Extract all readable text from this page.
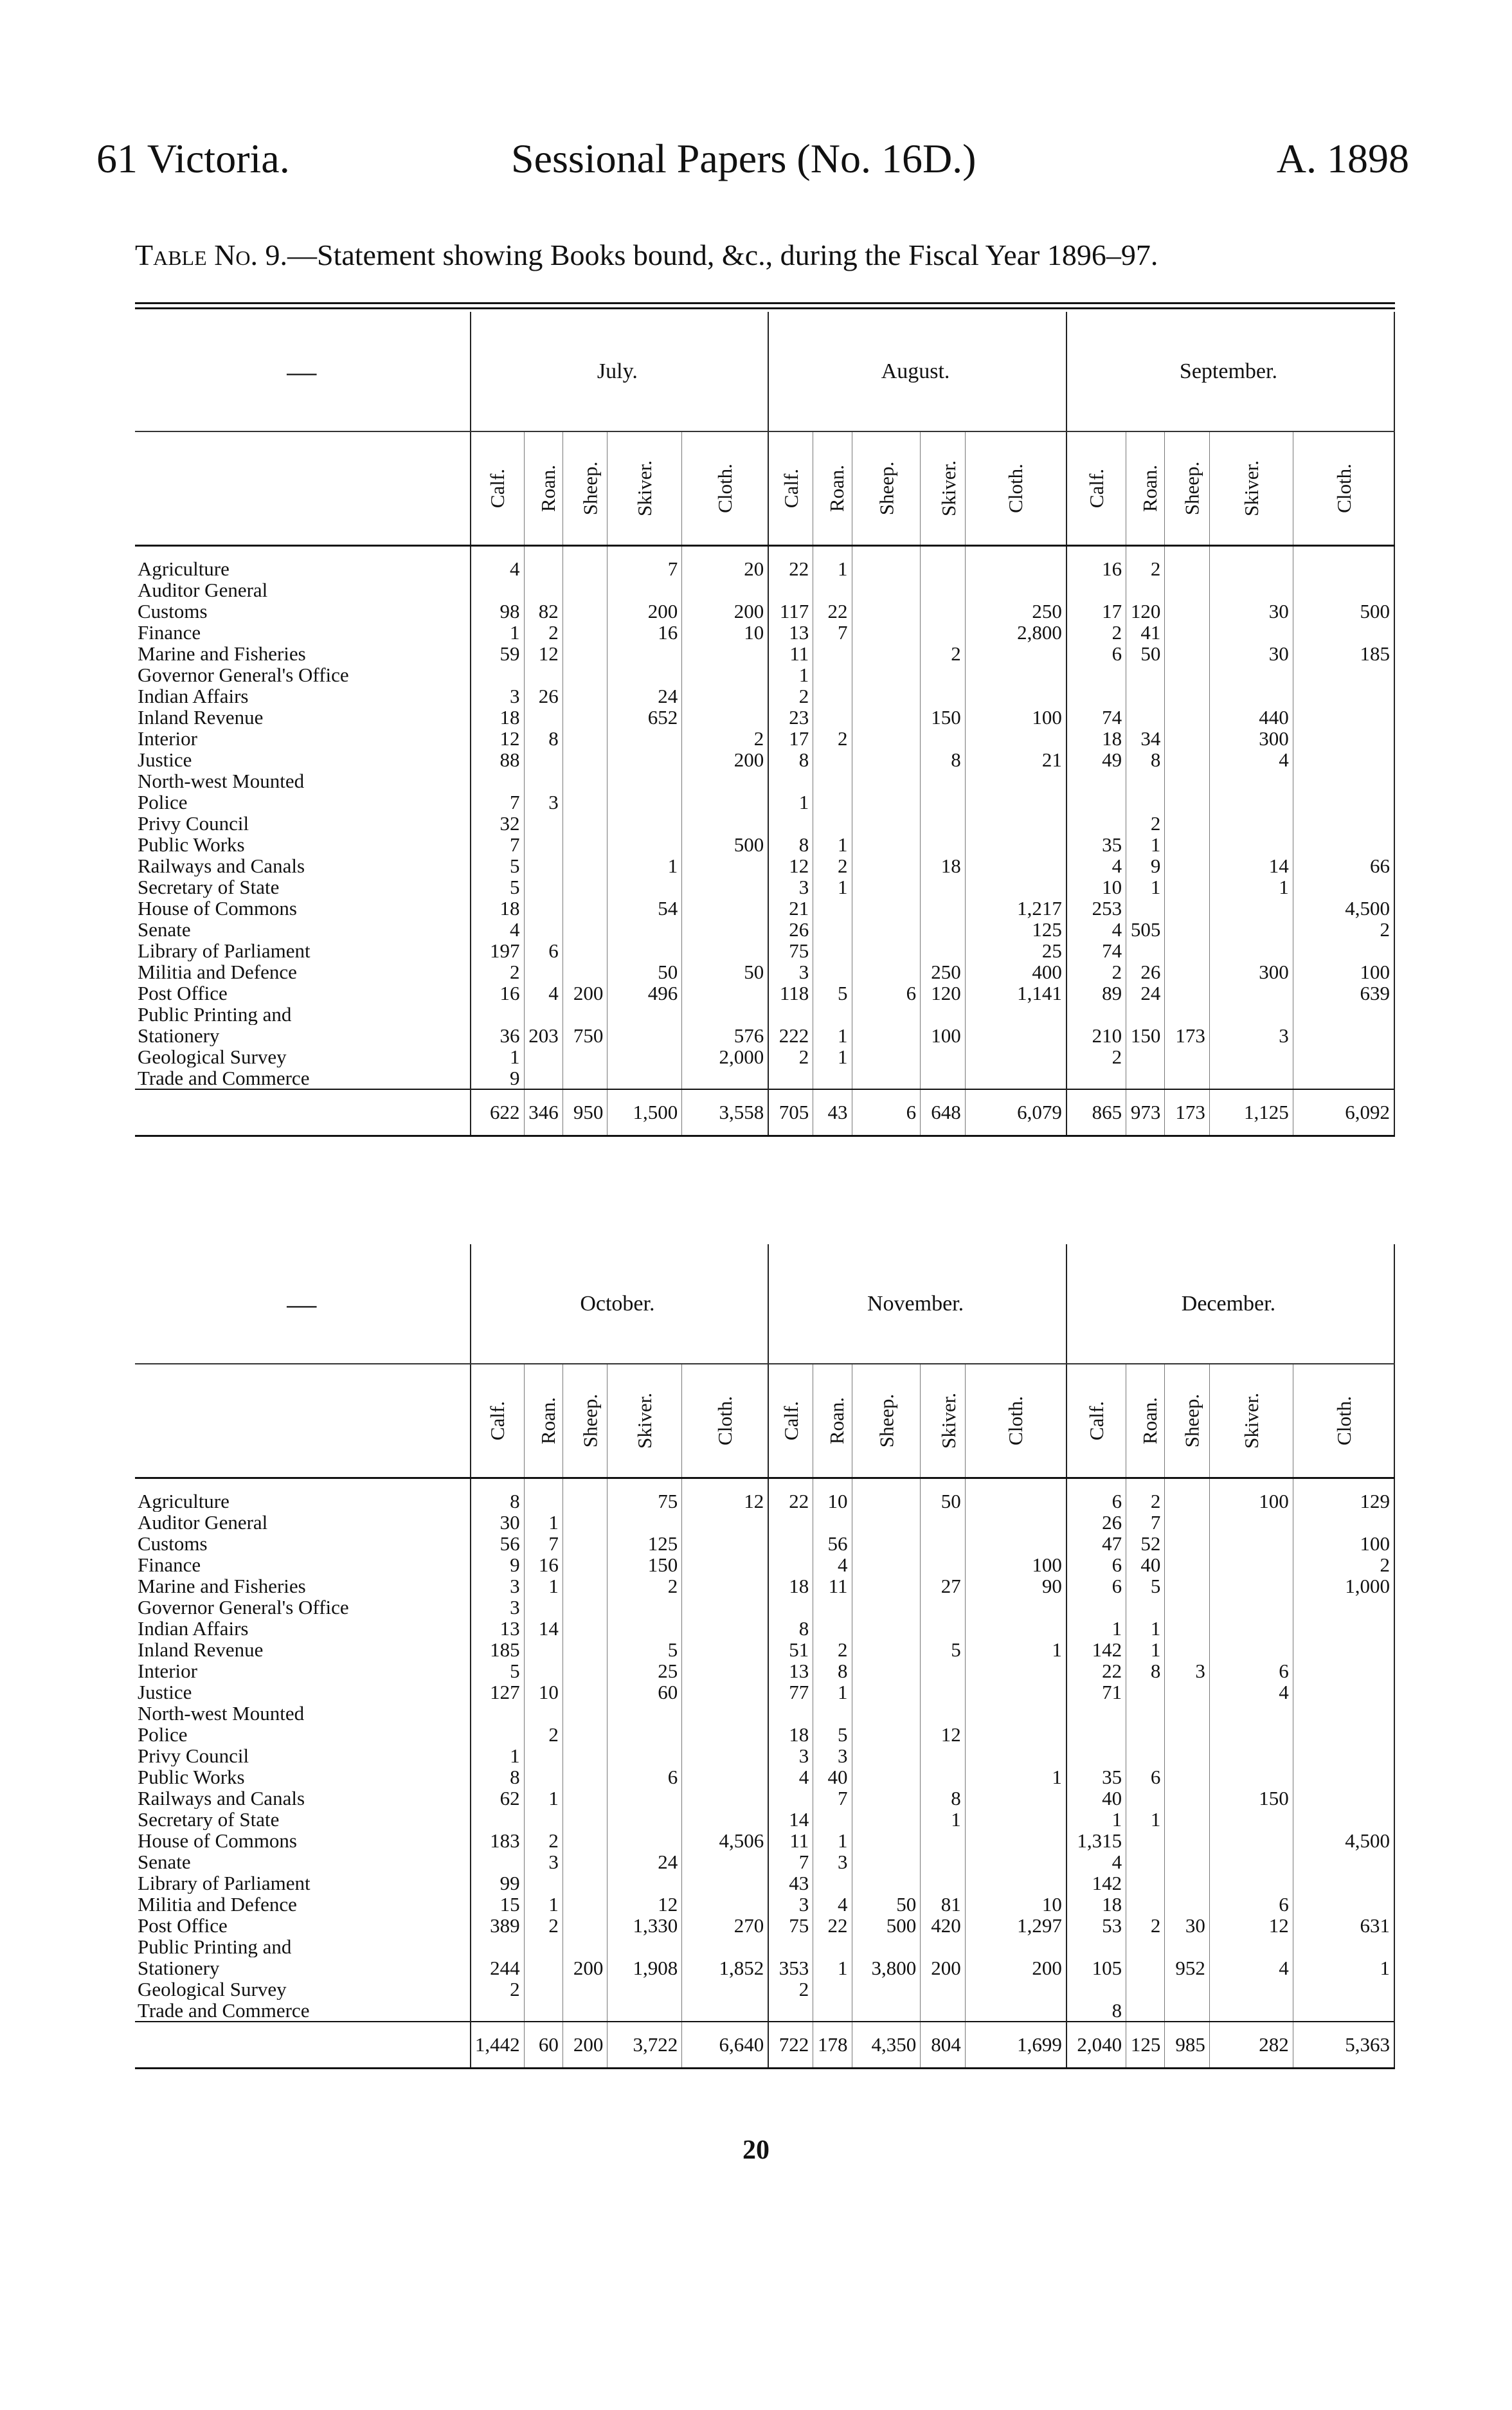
61 Victoria.	Sessional Papers (No. 16D.)	A. 1898
Table No. 9.—Statement showing Books bound, &c., during the Fiscal Year 1896–97.
—	July.					August.					September.				
	Calf.	Roan.	Sheep.	Skiver.	Cloth.	Calf.	Roan.	Sheep.	Skiver.	Cloth.	Calf.	Roan.	Sheep.	Skiver.	Cloth.

Agriculture	4			7	20	22	1				16	2			
Auditor General															
Customs	98	82		200	200	117	22			250	17	120		30	500
Finance	1	2		16	10	13	7			2,800	2	41			
Marine and Fisheries	59	12				11			2		6	50		30	185
Governor General's Office						1									
Indian Affairs	3	26		24		2									
Inland Revenue	18			652		23			150	100	74			440	
Interior	12	8			2	17	2				18	34		300	
Justice	88				200	8			8	21	49	8		4	
North-west Mounted															
Police	7	3				1									
Privy Council	32											2			
Public Works	7				500	8	1				35	1			
Railways and Canals	5			1		12	2		18		4	9		14	66
Secretary of State	5					3	1				10	1		1	
House of Commons	18			54		21				1,217	253				4,500
Senate	4					26				125	4	505			2
Library of Parliament	197	6				75				25	74				
Militia and Defence	2			50	50	3			250	400	2	26		300	100
Post Office	16	4	200	496		118	5	6	120	1,141	89	24			639
Public Printing and															
Stationery	36	203	750		576	222	1		100		210	150	173	3	
Geological Survey	1				2,000	2	1				2				
Trade and Commerce	9														
	622	346	950	1,500	3,558	705	43	6	648	6,079	865	973	173	1,125	6,092
—	October.					November.					December.				
	Calf.	Roan.	Sheep.	Skiver.	Cloth.	Calf.	Roan.	Sheep.	Skiver.	Cloth.	Calf.	Roan.	Sheep.	Skiver.	Cloth.

Agriculture	8			75	12	22	10		50		6	2		100	129
Auditor General	30	1									26	7			
Customs	56	7		125			56				47	52			100
Finance	9	16		150			4			100	6	40			2
Marine and Fisheries	3	1		2		18	11		27	90	6	5			1,000
Governor General's Office	3														
Indian Affairs	13	14				8					1	1			
Inland Revenue	185			5		51	2		5	1	142	1			
Interior	5			25		13	8				22	8	3	6	
Justice	127	10		60		77	1				71			4	
North-west Mounted															
Police		2				18	5		12						
Privy Council	1					3	3								
Public Works	8			6		4	40			1	35	6			
Railways and Canals	62	1					7		8		40			150	
Secretary of State						14			1		1	1			
House of Commons	183	2			4,506	11	1				1,315				4,500
Senate		3		24		7	3				4				
Library of Parliament	99					43					142				
Militia and Defence	15	1		12		3	4	50	81	10	18			6	
Post Office	389	2		1,330	270	75	22	500	420	1,297	53	2	30	12	631
Public Printing and															
Stationery	244		200	1,908	1,852	353	1	3,800	200	200	105		952	4	1
Geological Survey	2					2									
Trade and Commerce											8				
	1,442	60	200	3,722	6,640	722	178	4,350	804	1,699	2,040	125	985	282	5,363
20
